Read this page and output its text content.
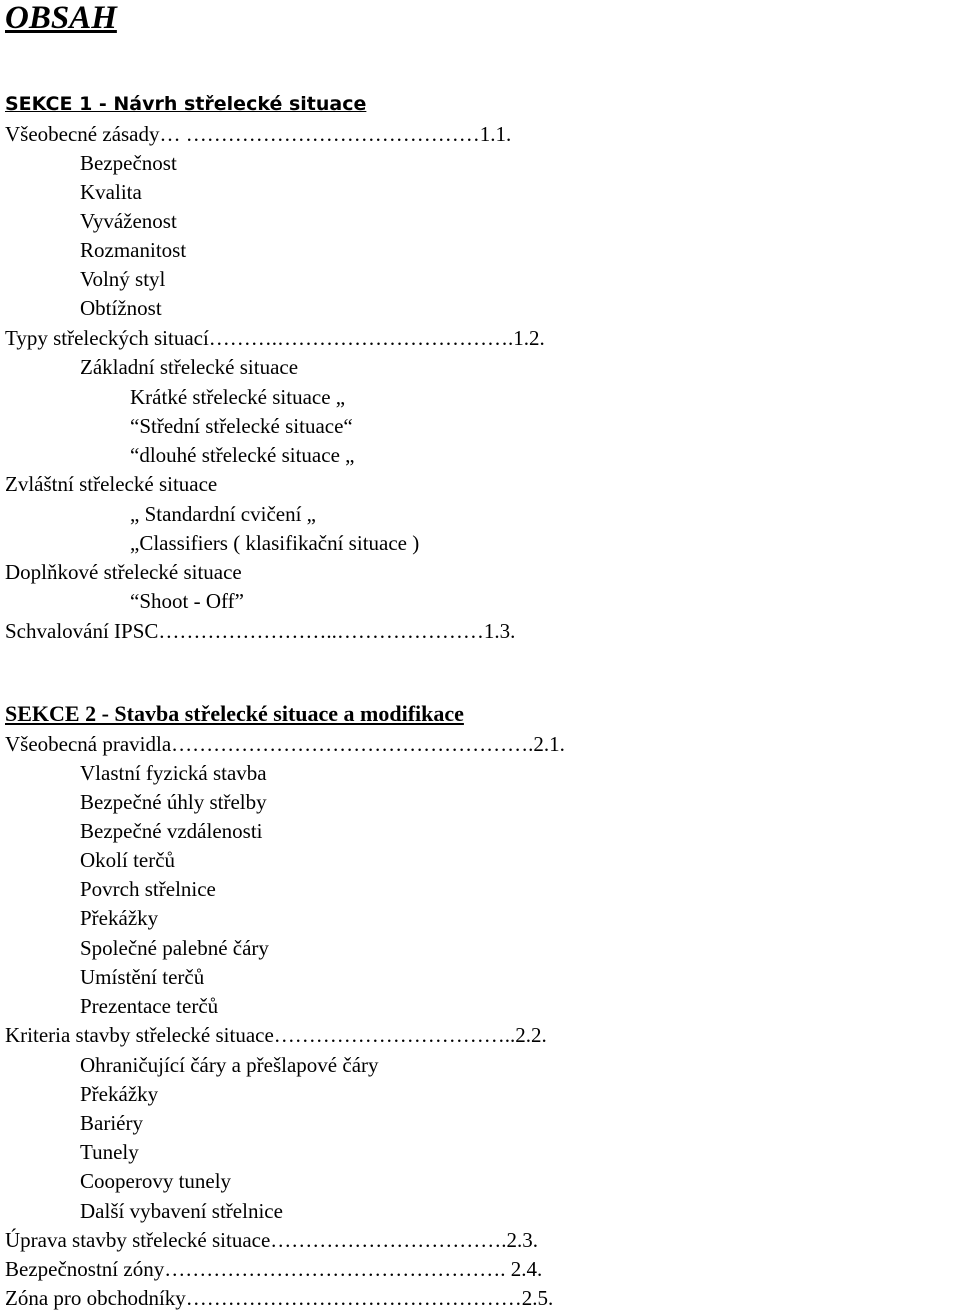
OBSAH
SEKCE 1 - Návrh střelecké situace
Všeobecné zásady… ……………………………………1.1.
Bezpečnost
Kvalita
Vyváženost
Rozmanitost
Volný styl
Obtížnost
Typy střeleckých situací……….…………………………….1.2.
Základní střelecké situace
Krátké střelecké situace „
“Střední střelecké situace“
“dlouhé střelecké situace „
Zvláštní střelecké situace
„ Standardní cvičení „
„Classifiers ( klasifikační situace )
Doplňkové střelecké situace
“Shoot - Off”
Schvalování IPSC……………………..…………………1.3.
SEKCE 2 - Stavba střelecké situace a modifikace
Všeobecná pravidla…………………………………………….2.1.
Vlastní fyzická stavba
Bezpečné úhly střelby
Bezpečné vzdálenosti
Okolí terčů
Povrch střelnice
Překážky
Společné palebné čáry
Umístění terčů
Prezentace terčů
Kriteria stavby střelecké situace……………………………..2.2.
Ohraničující čáry a přešlapové čáry
Překážky
Bariéry
Tunely
Cooperovy tunely
Další vybavení střelnice
Úprava stavby střelecké situace…………………………….2.3.
Bezpečnostní zóny…………………………………………. 2.4.
Zóna pro obchodníky…………………………………………2.5.
